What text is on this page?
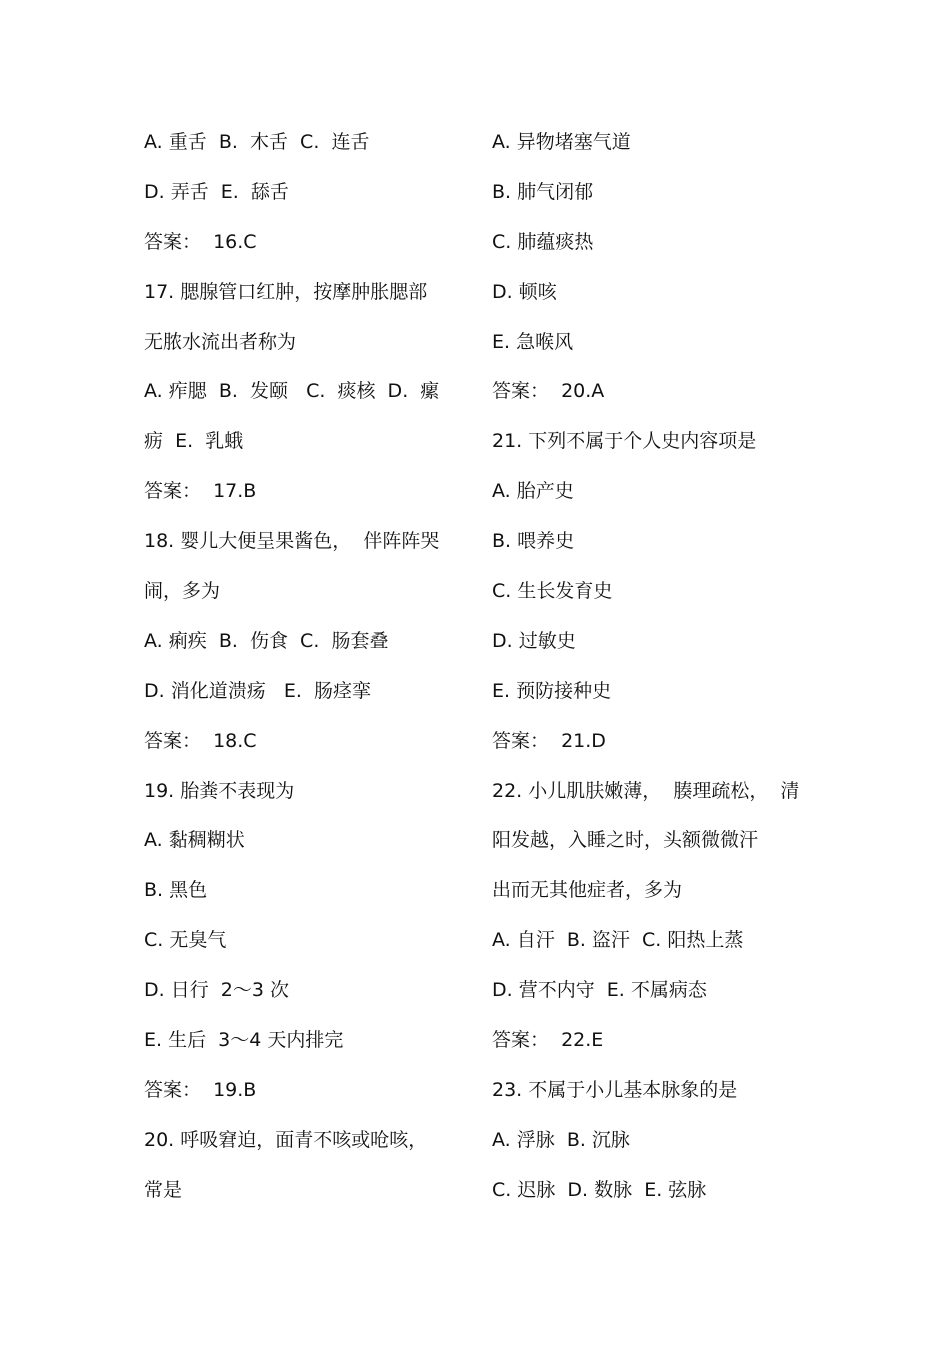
A. 重舌  B.  木舌  C.  连舌
D. 弄舌  E.  舔舌
答案：  16.C
17. 腮腺管口红肿，按摩肿胀腮部
无脓水流出者称为
A. 痄腮  B.  发颐   C.  痰核  D.  瘰
疬  E.  乳蛾
答案：  17.B
18. 婴儿大便呈果酱色，  伴阵阵哭
闹，多为
A. 痢疾  B.  伤食  C.  肠套叠
D. 消化道溃疡   E.  肠痉挛
答案：  18.C
19. 胎粪不表现为
A. 黏稠糊状
B. 黑色
C. 无臭气
D. 日行  2～3 次
E. 生后  3～4 天内排完
答案：  19.B
20. 呼吸窘迫，面青不咳或呛咳，
常是
A. 异物堵塞气道
B. 肺气闭郁
C. 肺蕴痰热
D. 顿咳
E. 急喉风
答案：  20.A
21. 下列不属于个人史内容项是
A. 胎产史
B. 喂养史
C. 生长发育史
D. 过敏史
E. 预防接种史
答案：  21.D
22. 小儿肌肤嫩薄，  腠理疏松，  清
阳发越，入睡之时，头额微微汗
出而无其他症者，多为
A. 自汗  B. 盗汗  C. 阳热上蒸
D. 营不内守  E. 不属病态
答案：  22.E
23. 不属于小儿基本脉象的是
A. 浮脉  B. 沉脉
C. 迟脉  D. 数脉  E. 弦脉
